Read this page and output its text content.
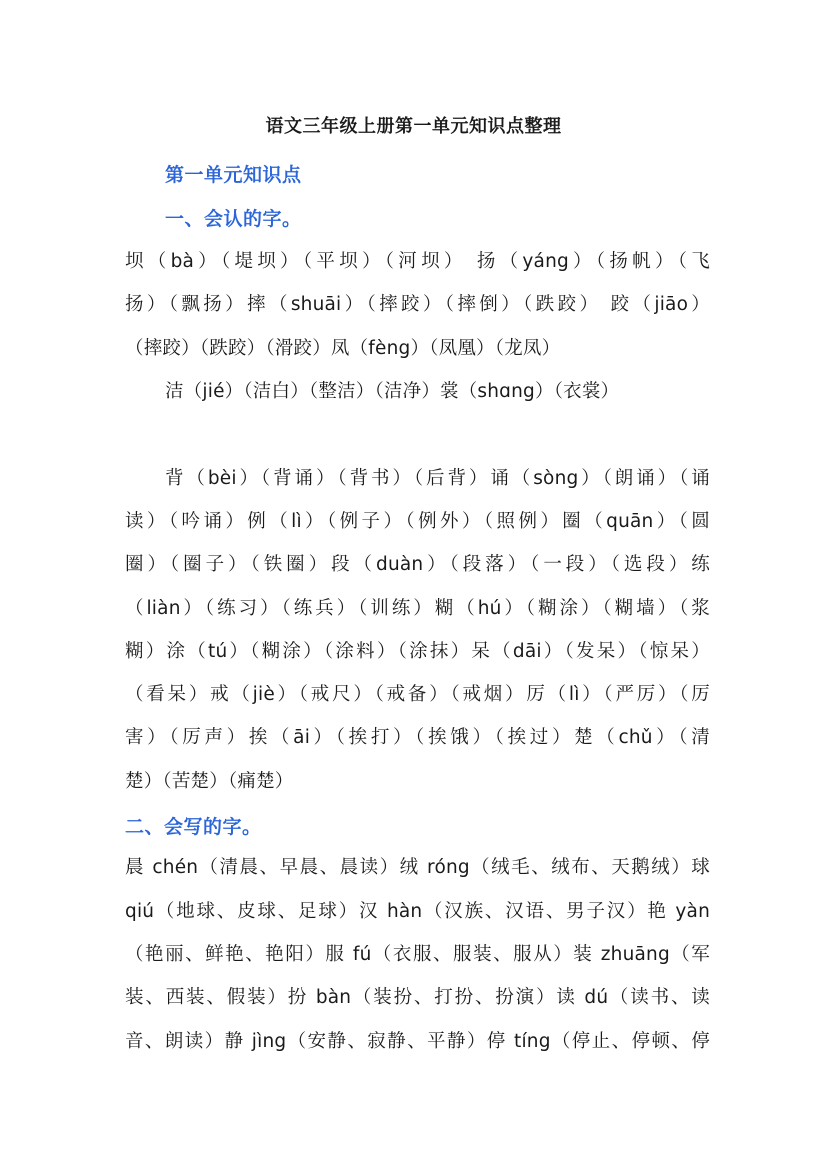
语文三年级上册第一单元知识点整理
第一单元知识点
一、会认的字。
坝（bà）（堤坝）（平坝）（河坝） 扬（yáng）（扬帆）（飞
扬）（飘扬）摔（shuāi）（摔跤）（摔倒）（跌跤） 跤（jiāo）
（摔跤）（跌跤）（滑跤）凤（fèng）（凤凰）（龙凤）
洁（jié）（洁白）（整洁）（洁净）裳（shɑng）（衣裳）
背（bèi）（背诵）（背书）（后背）诵（sòng）（朗诵）（诵
读）（吟诵）例（lì）（例子）（例外）（照例）圈（quān）（圆
圈）（圈子）（铁圈）段（duàn）（段落）（一段）（选段）练
（liàn）（练习）（练兵）（训练）糊（hú）（糊涂）（糊墙）（浆
糊）涂（tú）（糊涂）（涂料）（涂抹）呆（dāi）（发呆）（惊呆）
（看呆）戒（jiè）（戒尺）（戒备）（戒烟）厉（lì）（严厉）（厉
害）（厉声）挨（āi）（挨打）（挨饿）（挨过）楚（chǔ）（清
楚）（苦楚）（痛楚）
二、会写的字。
晨 chén（清晨、早晨、晨读）绒 róng（绒毛、绒布、天鹅绒）球
qiú（地球、皮球、足球）汉 hàn（汉族、汉语、男子汉）艳 yàn
（艳丽、鲜艳、艳阳）服 fú（衣服、服装、服从）装 zhuāng（军
装、西装、假装）扮 bàn（装扮、打扮、扮演）读 dú（读书、读
音、朗读）静 jìng（安静、寂静、平静）停 tíng（停止、停顿、停
